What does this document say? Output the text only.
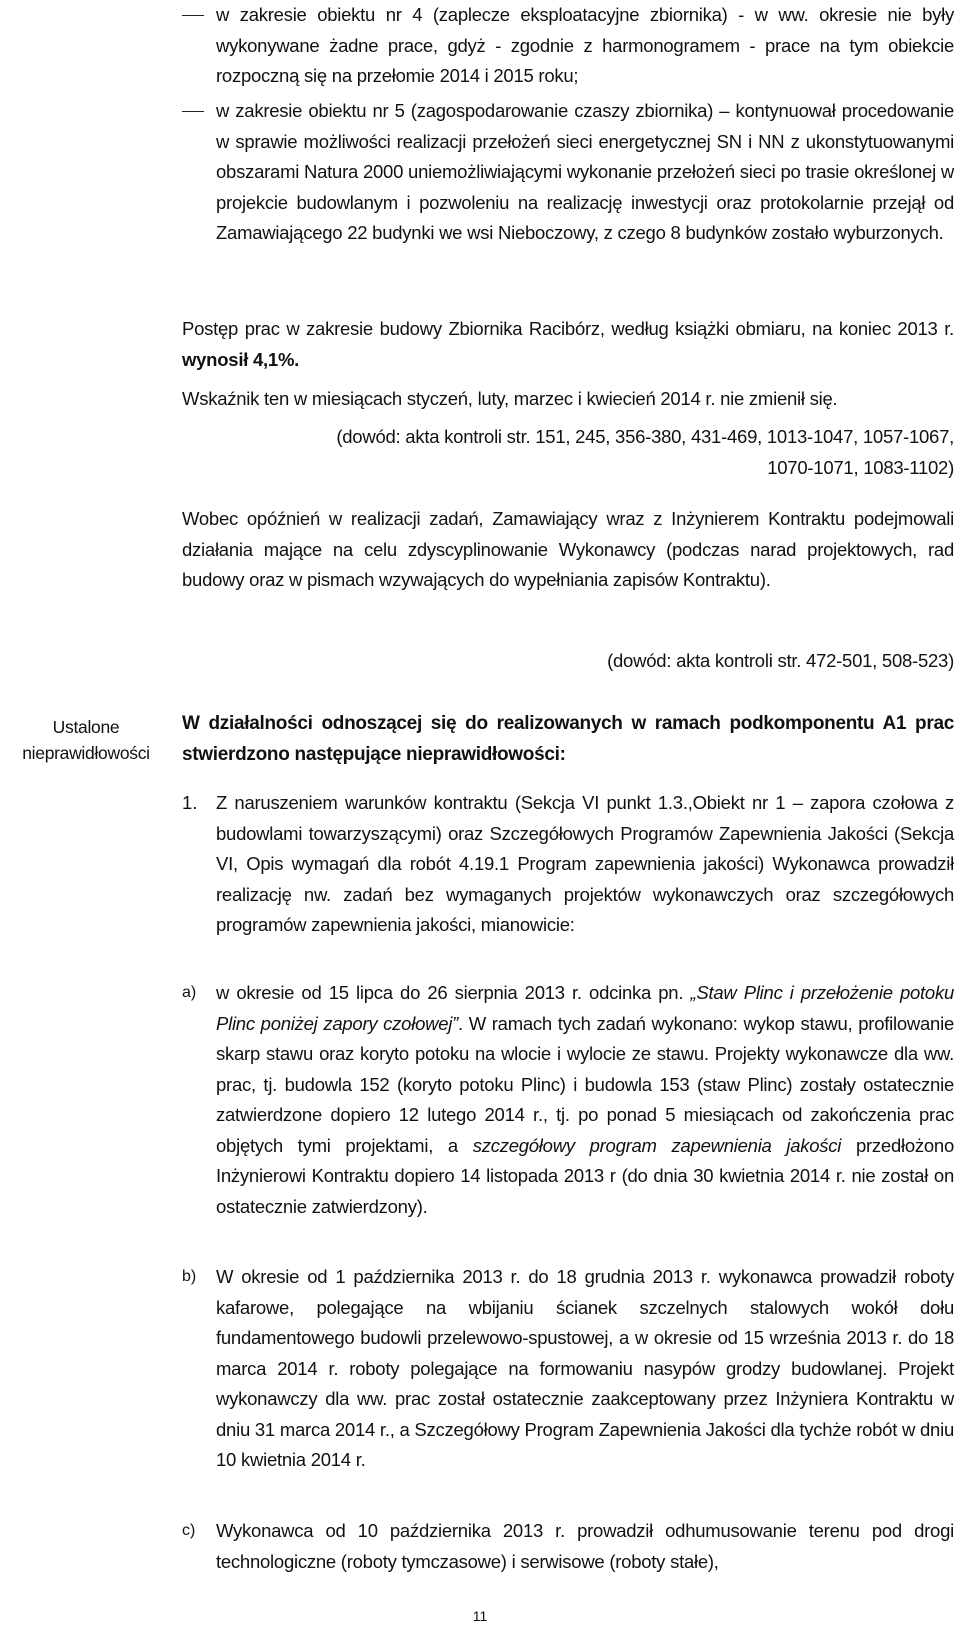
w zakresie obiektu nr 4 (zaplecze eksploatacyjne zbiornika) - w ww. okresie nie były wykonywane żadne prace, gdyż - zgodnie z harmonogramem - prace na tym obiekcie rozpoczną się na przełomie 2014 i 2015 roku;

w zakresie obiektu nr 5 (zagospodarowanie czaszy zbiornika) – kontynuował procedowanie w sprawie możliwości realizacji przełożeń sieci energetycznej SN i NN z ukonstytuowanymi obszarami Natura 2000 uniemożliwiającymi wykonanie przełożeń sieci po trasie określonej w projekcie budowlanym i pozwoleniu na realizację inwestycji oraz protokolarnie przejął od Zamawiającego 22 budynki we wsi Nieboczowy, z czego 8 budynków zostało wyburzonych.

Postęp prac w zakresie budowy Zbiornika Racibórz, według książki obmiaru, na koniec 2013 r. wynosił 4,1%.

Wskaźnik ten w miesiącach styczeń, luty, marzec i kwiecień 2014 r. nie zmienił się.

(dowód: akta kontroli str. 151, 245, 356-380, 431-469, 1013-1047, 1057-1067,
1070-1071, 1083-1102)

Wobec opóźnień w realizacji zadań, Zamawiający wraz z Inżynierem Kontraktu podejmowali działania mające na celu zdyscyplinowanie Wykonawcy (podczas narad projektowych, rad budowy oraz w pismach wzywających do wypełniania zapisów Kontraktu).

(dowód: akta kontroli str. 472-501, 508-523)

Ustalone nieprawidłowości

W działalności odnoszącej się do realizowanych w ramach podkomponentu A1 prac stwierdzono następujące nieprawidłowości:

1. Z naruszeniem warunków kontraktu (Sekcja VI punkt 1.3.,Obiekt nr 1 – zapora czołowa z budowlami towarzyszącymi) oraz Szczegółowych Programów Zapewnienia Jakości (Sekcja VI, Opis wymagań dla robót 4.19.1 Program zapewnienia jakości) Wykonawca prowadził realizację nw. zadań bez wymaganych projektów wykonawczych oraz szczegółowych programów zapewnienia jakości, mianowicie:

a) w okresie od 15 lipca do 26 sierpnia 2013 r. odcinka pn. „Staw Plinc i przełożenie potoku Plinc poniżej zapory czołowej”. W ramach tych zadań wykonano: wykop stawu, profilowanie skarp stawu oraz koryto potoku na wlocie i wylocie ze stawu. Projekty wykonawcze dla ww. prac, tj. budowla 152 (koryto potoku Plinc) i budowla 153 (staw Plinc) zostały ostatecznie zatwierdzone dopiero 12 lutego 2014 r., tj. po ponad 5 miesiącach od zakończenia prac objętych tymi projektami, a szczegółowy program zapewnienia jakości przedłożono Inżynierowi Kontraktu dopiero 14 listopada 2013 r (do dnia 30 kwietnia 2014 r. nie został on ostatecznie zatwierdzony).

b) W okresie od 1 października 2013 r. do 18 grudnia 2013 r. wykonawca prowadził roboty kafarowe, polegające na wbijaniu ścianek szczelnych stalowych wokół dołu fundamentowego budowli przelewowo-spustowej, a w okresie od 15 września 2013 r. do 18 marca 2014 r. roboty polegające na formowaniu nasypów grodzy budowlanej. Projekt wykonawczy dla ww. prac został ostatecznie zaakceptowany przez Inżyniera Kontraktu w dniu 31 marca 2014 r., a Szczegółowy Program Zapewnienia Jakości dla tychże robót w dniu 10 kwietnia 2014 r.

c) Wykonawca od 10 października 2013 r. prowadził odhumusowanie terenu pod drogi technologiczne (roboty tymczasowe) i serwisowe (roboty stałe),

11
